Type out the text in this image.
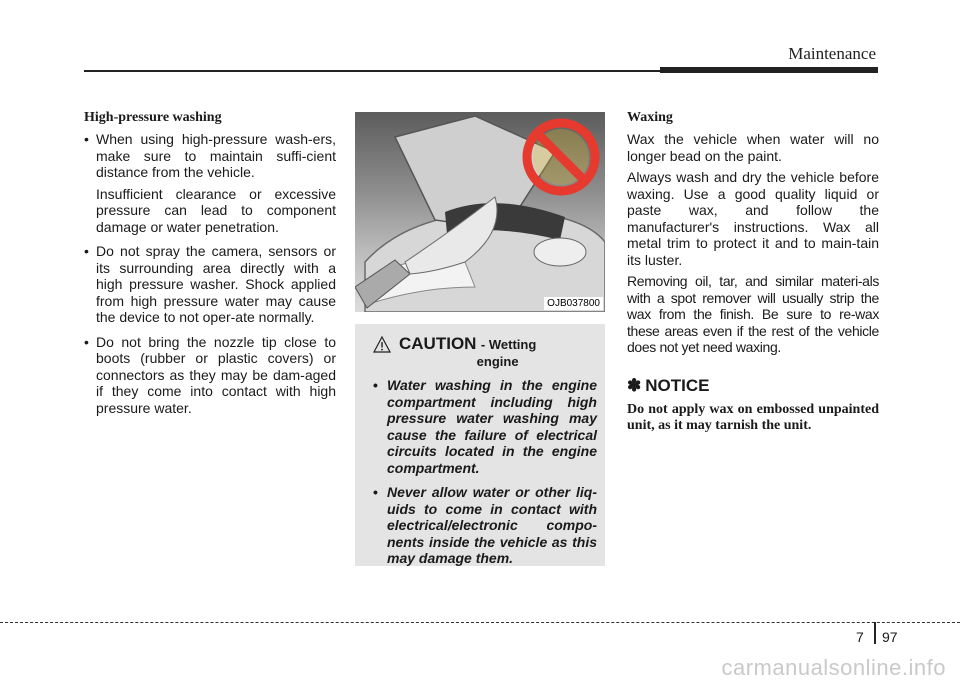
Maintenance
High-pressure washing
• When using high-pressure wash-ers, make sure to maintain suffi-cient distance from the vehicle.
Insufficient clearance or excessive pressure can lead to component damage or water penetration.
• Do not spray the camera, sensors or its surrounding area directly with a high pressure washer. Shock applied from high pressure water may cause the device to not oper-ate normally.
• Do not bring the nozzle tip close to boots (rubber or plastic covers) or connectors as they may be dam-aged if they come into contact with high pressure water.
OJB037800
CAUTION - Wetting
engine
• Water washing in the engine compartment including high pressure water washing may cause the failure of electrical circuits located in the engine compartment.
• Never allow water or other liq-uids to come in contact with electrical/electronic compo-nents inside the vehicle as this may damage them.
Waxing

Wax the vehicle when water will no longer bead on the paint.

Always wash and dry the vehicle before waxing. Use a good quality liquid or paste wax, and follow the manufacturer's instructions. Wax all metal trim to protect it and to main-tain its luster.

Removing oil, tar, and similar materi-als with a spot remover will usually strip the wax from the finish. Be sure to re-wax these areas even if the rest of the vehicle does not yet need waxing.

✽ NOTICE

Do not apply wax on embossed unpainted unit, as it may tarnish the unit.

7 97
carmanualsonline.info
